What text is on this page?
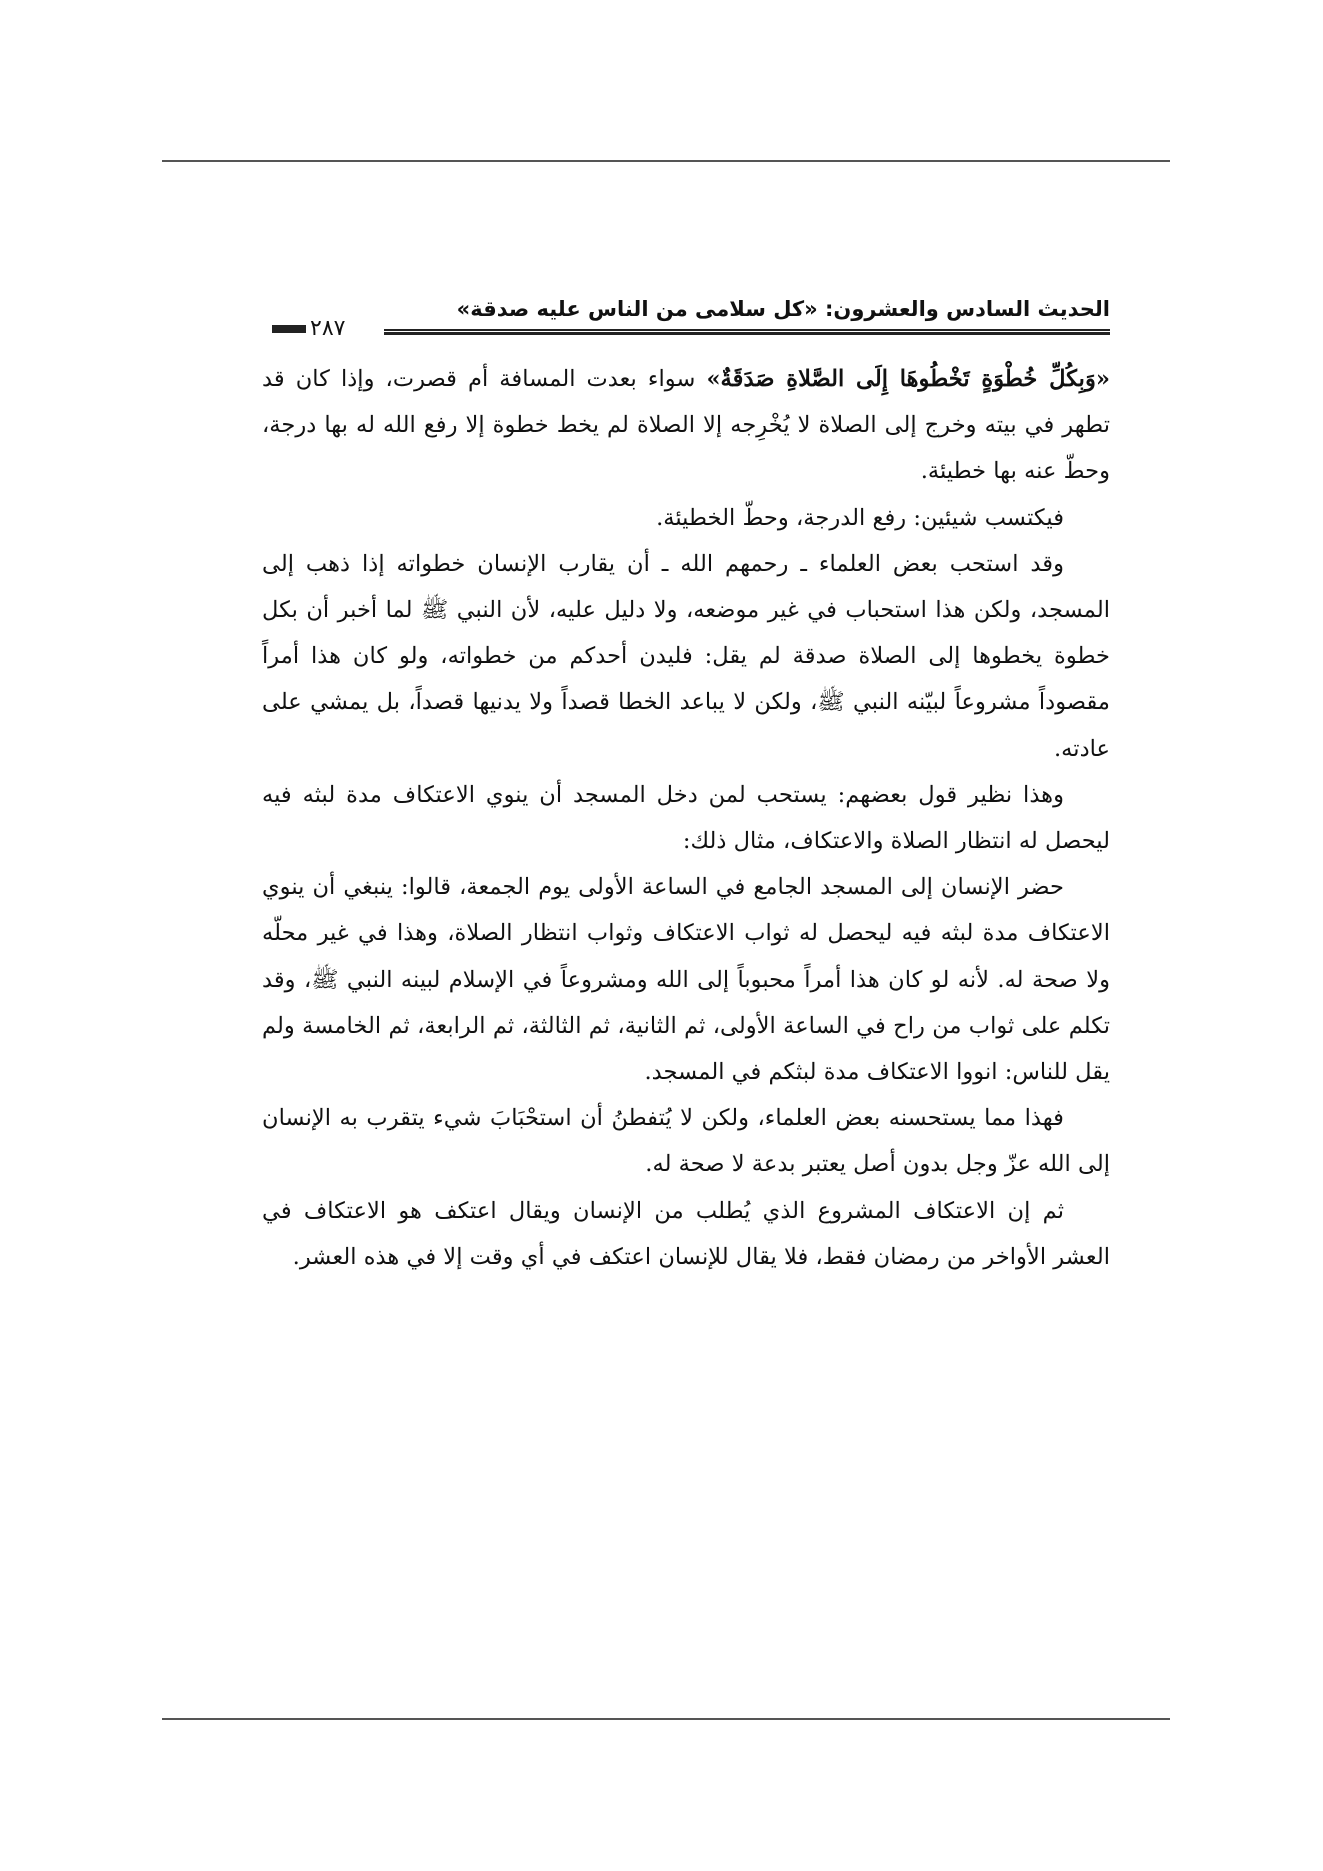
الحديث السادس والعشرون: «كل سلامى من الناس عليه صدقة»
٢٨٧

«وَبِكُلِّ خُطْوَةٍ تَخْطُوهَا إِلَى الصَّلاةِ صَدَقَةٌ» سواء بعدت المسافة أم قصرت، وإذا كان قد تطهر في بيته وخرج إلى الصلاة لا يُخْرِجه إلا الصلاة لم يخط خطوة إلا رفع الله له بها درجة، وحطّ عنه بها خطيئة.

فيكتسب شيئين: رفع الدرجة، وحطّ الخطيئة.

وقد استحب بعض العلماء ـ رحمهم الله ـ أن يقارب الإنسان خطواته إذا ذهب إلى المسجد، ولكن هذا استحباب في غير موضعه، ولا دليل عليه، لأن النبي ﷺ لما أخبر أن بكل خطوة يخطوها إلى الصلاة صدقة لم يقل: فليدن أحدكم من خطواته، ولو كان هذا أمراً مقصوداً مشروعاً لبيّنه النبي ﷺ، ولكن لا يباعد الخطا قصداً ولا يدنيها قصداً، بل يمشي على عادته.

وهذا نظير قول بعضهم: يستحب لمن دخل المسجد أن ينوي الاعتكاف مدة لبثه فيه ليحصل له انتظار الصلاة والاعتكاف، مثال ذلك:

حضر الإنسان إلى المسجد الجامع في الساعة الأولى يوم الجمعة، قالوا: ينبغي أن ينوي الاعتكاف مدة لبثه فيه ليحصل له ثواب الاعتكاف وثواب انتظار الصلاة، وهذا في غير محلّه ولا صحة له. لأنه لو كان هذا أمراً محبوباً إلى الله ومشروعاً في الإسلام لبينه النبي ﷺ، وقد تكلم على ثواب من راح في الساعة الأولى، ثم الثانية، ثم الثالثة، ثم الرابعة، ثم الخامسة ولم يقل للناس: انووا الاعتكاف مدة لبثكم في المسجد.

فهذا مما يستحسنه بعض العلماء، ولكن لا يُتفطنُ أن استحْبَابَ شيء يتقرب به الإنسان إلى الله عزّ وجل بدون أصل يعتبر بدعة لا صحة له.

ثم إن الاعتكاف المشروع الذي يُطلب من الإنسان ويقال اعتكف هو الاعتكاف في العشر الأواخر من رمضان فقط، فلا يقال للإنسان اعتكف في أي وقت إلا في هذه العشر.
